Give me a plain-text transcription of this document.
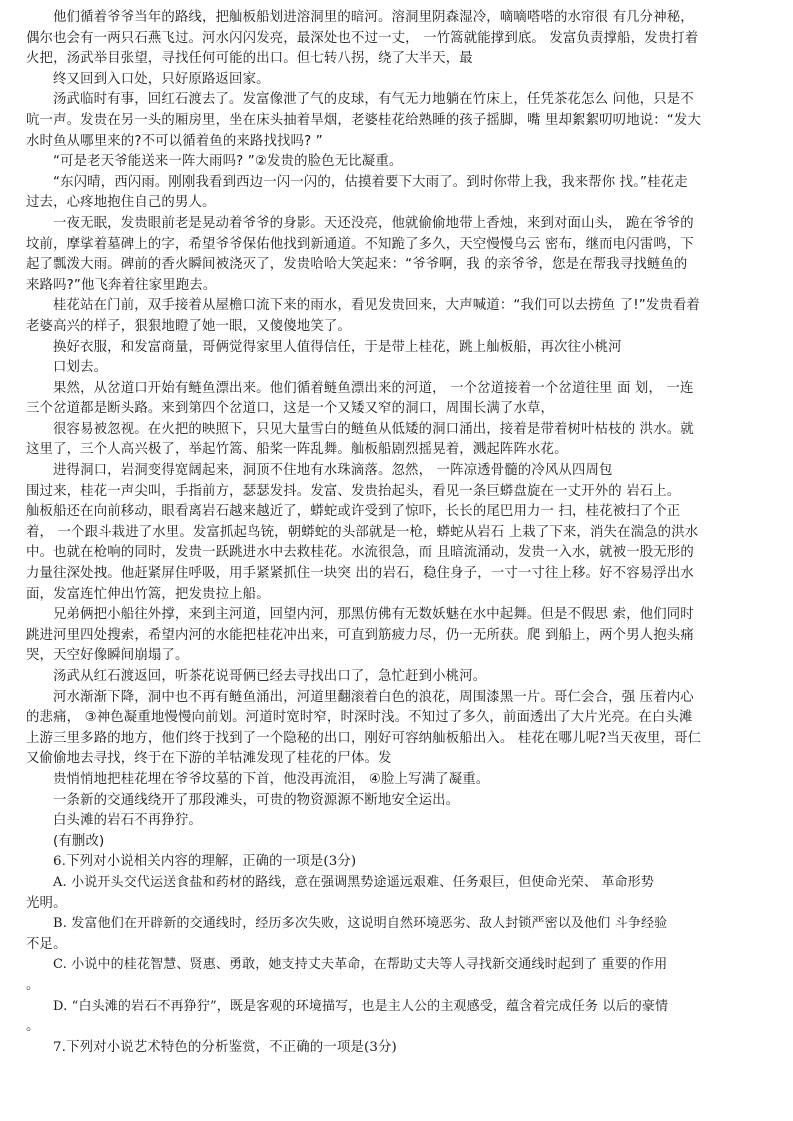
他们循着爷爷当年的路线，把舢板船划进溶洞里的暗河。溶洞里阴森湿冷，嘀嘀嗒嗒的水帘很 有几分神秘，
偶尔也会有一两只石燕飞过。河水闪闪发亮，最深处也不过一丈， 一竹篙就能撑到底。 发富负责撑船，发贵打着
火把，汤武举目张望，寻找任何可能的出口。但七转八拐，绕了大半天，最
终又回到入口处，只好原路返回家。
汤武临时有事，回红石渡去了。发富像泄了气的皮球，有气无力地躺在竹床上，任凭茶花怎么 问他，只是不
吭一声。发贵在另一头的厢房里，坐在床头抽着旱烟，老婆桂花给熟睡的孩子摇脚，嘴 里却絮絮叨叨地说：“发大
水时鱼从哪里来的?不可以循着鱼的来路找找吗? ”
“可是老天爷能送来一阵大雨吗? ”②发贵的脸色无比凝重。
“东闪晴，西闪雨。刚刚我看到西边一闪一闪的，估摸着要下大雨了。到时你带上我，我来帮你 找。”桂花走
过去，心疼地抱住自己的男人。
一夜无眠，发贵眼前老是晃动着爷爷的身影。天还没亮，他就偷偷地带上香烛，来到对面山头， 跪在爷爷的
坟前，摩挲着墓碑上的字，希望爷爷保佑他找到新通道。不知跪了多久，天空慢慢乌云 密布，继而电闪雷鸣，下
起了瓢泼大雨。碑前的香火瞬间被浇灭了，发贵哈哈大笑起来：“爷爷啊，我 的亲爷爷，您是在帮我寻找鲢鱼的
来路吗?”他飞奔着往家里跑去。
桂花站在门前，双手接着从屋檐口流下来的雨水，看见发贵回来，大声喊道：“我们可以去捞鱼 了!”发贵看着
老婆高兴的样子，狠狠地瞪了她一眼，又傻傻地笑了。
换好衣服，和发富商量，哥俩觉得家里人值得信任，于是带上桂花，跳上舢板船，再次往小桃河
口划去。
果然，从岔道口开始有鲢鱼漂出来。他们循着鲢鱼漂出来的河道， 一个岔道接着一个岔道往里 面 划， 一连
三个岔道都是断头路。来到第四个岔道口，这是一个又矮又窄的洞口，周围长满了水草，
很容易被忽视。在火把的映照下，只见大量雪白的鲢鱼从低矮的洞口涌出，接着是带着树叶枯枝的 洪水。就
这里了，三个人高兴极了，举起竹篙、船桨一阵乱舞。舢板船剧烈摇晃着，溅起阵阵水花。
进得洞口，岩洞变得宽阔起来，洞顶不住地有水珠滴落。忽然， 一阵凉透骨髓的冷风从四周包
围过来，桂花一声尖叫，手指前方，瑟瑟发抖。发富、发贵抬起头，看见一条巨蟒盘旋在一丈开外的 岩石上。
舢板船还在向前移动，眼看离岩石越来越近了，蟒蛇或许受到了惊吓，长长的尾巴用力一 扫，桂花被扫了个正
着， 一个跟斗栽进了水里。发富抓起鸟铳，朝蟒蛇的头部就是一枪，蟒蛇从岩石 上栽了下来，消失在湍急的洪水
中。也就在枪响的同时，发贵一跃跳进水中去救桂花。水流很急，而 且暗流涌动，发贵一入水，就被一股无形的
力量往深处拽。他赶紧屏住呼吸，用手紧紧抓住一块突 出的岩石，稳住身子，一寸一寸往上移。好不容易浮出水
面，发富连忙伸出竹篙，把发贵拉上船。
兄弟俩把小船往外撑，来到主河道，回望内河，那黑仿佛有无数妖魅在水中起舞。但是不假思 索，他们同时
跳进河里四处搜索，希望内河的水能把桂花冲出来，可直到筋疲力尽，仍一无所获。爬 到船上，两个男人抱头痛
哭，天空好像瞬间崩塌了。
汤武从红石渡返回，听茶花说哥俩已经去寻找出口了，急忙赶到小桃河。
河水渐渐下降，洞中也不再有鲢鱼涌出，河道里翻滚着白色的浪花，周围漆黑一片。哥仁会合，强 压着内心
的悲痛， ③神色凝重地慢慢向前划。河道时宽时窄，时深时浅。不知过了多久，前面透出了大片光亮。在白头滩
上游三里多路的地方，他们终于找到了一个隐秘的出口，刚好可容纳舢板船出入。 桂花在哪儿呢?当天夜里，哥仁
又偷偷地去寻找，终于在下游的羊牯滩发现了桂花的尸体。发
贵悄悄地把桂花埋在爷爷坟墓的下首，他没再流泪， ④脸上写满了凝重。
一条新的交通线绕开了那段滩头，可贵的物资源源不断地安全运出。
白头滩的岩石不再狰狞。
(有删改)
6.下列对小说相关内容的理解，正确的一项是(3分)
A. 小说开头交代运送食盐和药材的路线，意在强调黑势途遥远艰难、任务艰巨，但使命光荣、 革命形势
光明。
B. 发富他们在开辟新的交通线时，经历多次失败，这说明自然环境恶劣、敌人封锁严密以及他们 斗争经验
不足。
C. 小说中的桂花智慧、贤惠、勇敢，她支持丈夫革命，在帮助丈夫等人寻找新交通线时起到了 重要的作用
。
D. “白头滩的岩石不再狰狞”，既是客观的环境描写，也是主人公的主观感受，蕴含着完成任务 以后的豪情
。
7.下列对小说艺术特色的分析鉴赏，不正确的一项是(3分)
